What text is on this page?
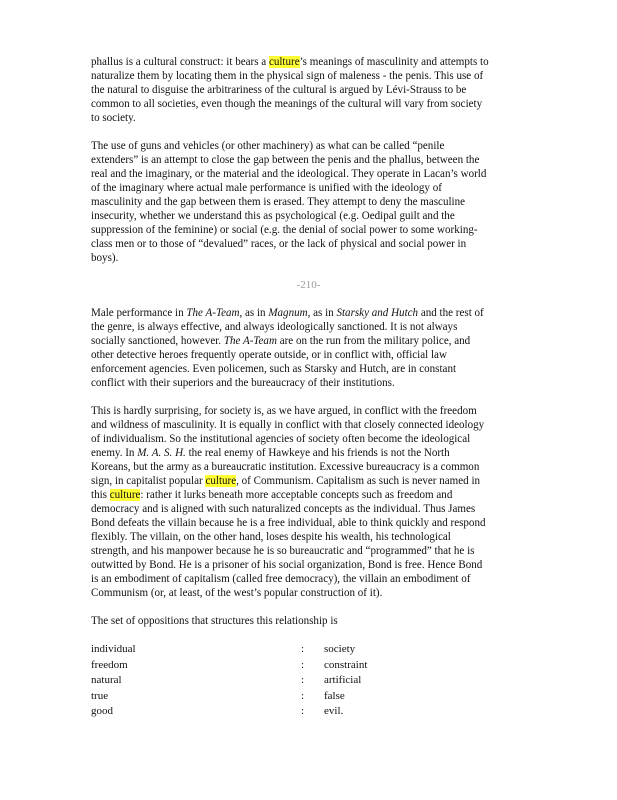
phallus is a cultural construct: it bears a culture’s meanings of masculinity and attempts to
naturalize them by locating them in the physical sign of maleness - the penis. This use of
the natural to disguise the arbitrariness of the cultural is argued by Lévi-Strauss to be
common to all societies, even though the meanings of the cultural will vary from society
to society.
The use of guns and vehicles (or other machinery) as what can be called “penile
extenders” is an attempt to close the gap between the penis and the phallus, between the
real and the imaginary, or the material and the ideological. They operate in Lacan’s world
of the imaginary where actual male performance is unified with the ideology of
masculinity and the gap between them is erased. They attempt to deny the masculine
insecurity, whether we understand this as psychological (e.g. Oedipal guilt and the
suppression of the feminine) or social (e.g. the denial of social power to some working-
class men or to those of “devalued” races, or the lack of physical and social power in
boys).
-210-
Male performance in The A-Team, as in Magnum, as in Starsky and Hutch and the rest of
the genre, is always effective, and always ideologically sanctioned. It is not always
socially sanctioned, however. The A-Team are on the run from the military police, and
other detective heroes frequently operate outside, or in conflict with, official law
enforcement agencies. Even policemen, such as Starsky and Hutch, are in constant
conflict with their superiors and the bureaucracy of their institutions.
This is hardly surprising, for society is, as we have argued, in conflict with the freedom
and wildness of masculinity. It is equally in conflict with that closely connected ideology
of individualism. So the institutional agencies of society often become the ideological
enemy. In M. A. S. H. the real enemy of Hawkeye and his friends is not the North
Koreans, but the army as a bureaucratic institution. Excessive bureaucracy is a common
sign, in capitalist popular culture, of Communism. Capitalism as such is never named in
this culture: rather it lurks beneath more acceptable concepts such as freedom and
democracy and is aligned with such naturalized concepts as the individual. Thus James
Bond defeats the villain because he is a free individual, able to think quickly and respond
flexibly. The villain, on the other hand, loses despite his wealth, his technological
strength, and his manpower because he is so bureaucratic and “programmed” that he is
outwitted by Bond. He is a prisoner of his social organization, Bond is free. Hence Bond
is an embodiment of capitalism (called free democracy), the villain an embodiment of
Communism (or, at least, of the west’s popular construction of it).
The set of oppositions that structures this relationship is
individual	: society
freedom	: constraint
natural	: artificial
true	: false
good	: evil.
